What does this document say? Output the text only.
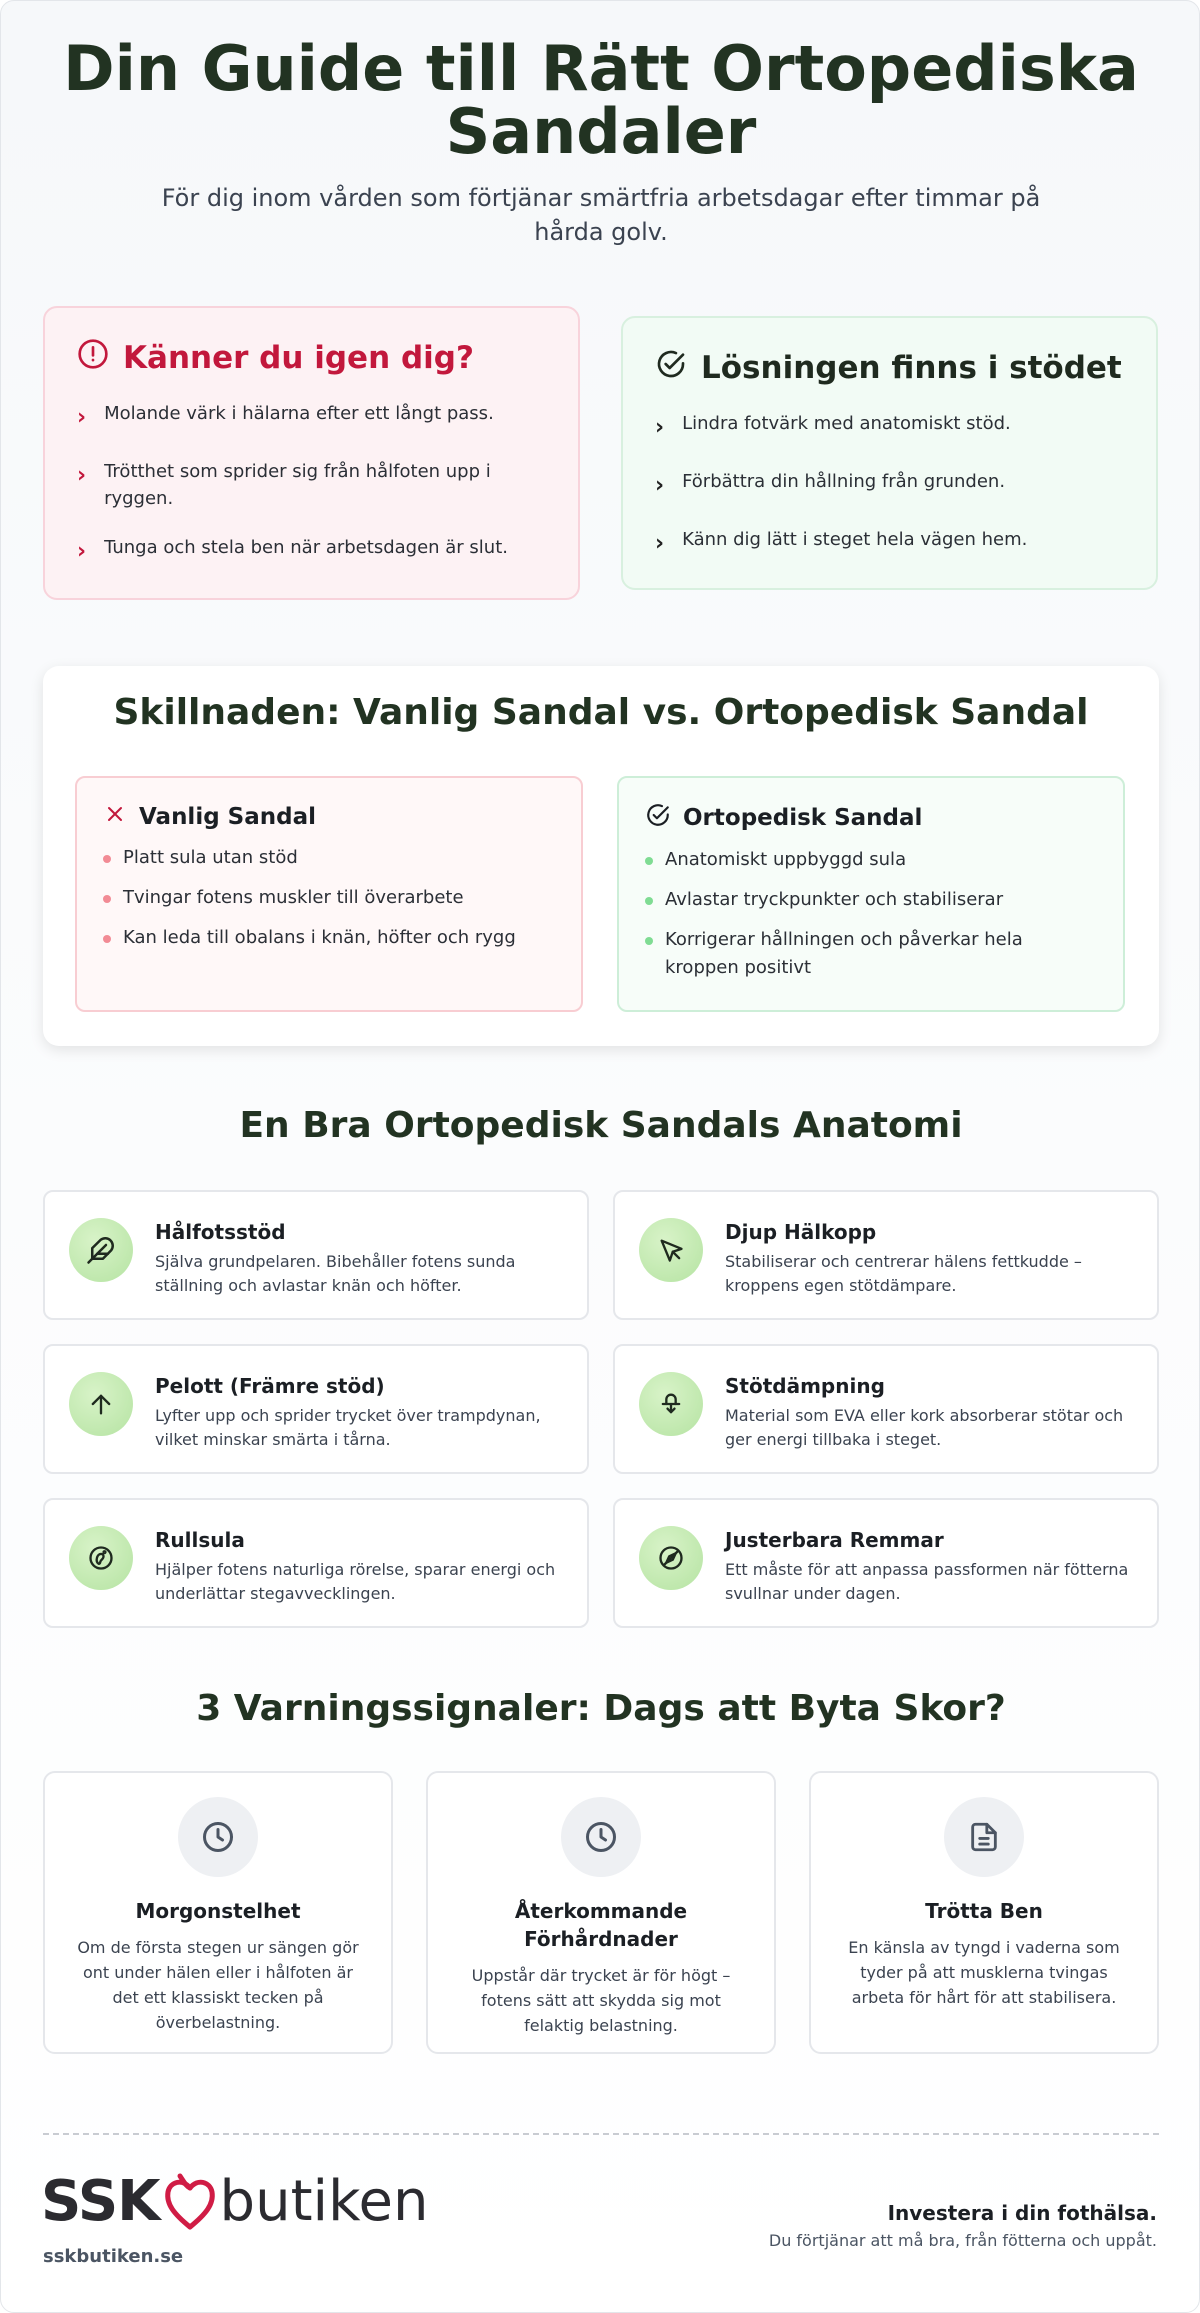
Din Guide till Rätt Ortopediska Sandaler

För dig inom vården som förtjänar smärtfria arbetsdagar efter timmar på hårda golv.

Känner du igen dig?
› Molande värk i hälarna efter ett långt pass.
› Trötthet som sprider sig från hålfoten upp i ryggen.
› Tunga och stela ben när arbetsdagen är slut.
Lösningen finns i stödet
› Lindra fotvärk med anatomiskt stöd.
› Förbättra din hållning från grunden.
› Känn dig lätt i steget hela vägen hem.
Skillnaden: Vanlig Sandal vs. Ortopedisk Sandal
Vanlig Sandal
Platt sula utan stöd
Tvingar fotens muskler till överarbete
Kan leda till obalans i knän, höfter och rygg
Ortopedisk Sandal
Anatomiskt uppbyggd sula
Avlastar tryckpunkter och stabiliserar
Korrigerar hållningen och påverkar hela kroppen positivt
En Bra Ortopedisk Sandals Anatomi
Hålfotsstöd

Själva grundpelaren. Bibehåller fotens sunda ställning och avlastar knän och höfter.

Djup Hälkopp

Stabiliserar och centrerar hälens fettkudde – kroppens egen stötdämpare.

Pelott (Främre stöd)

Lyfter upp och sprider trycket över trampdynan, vilket minskar smärta i tårna.

Stötdämpning

Material som EVA eller kork absorberar stötar och ger energi tillbaka i steget.

Rullsula

Hjälper fotens naturliga rörelse, sparar energi och underlättar stegavvecklingen.

Justerbara Remmar

Ett måste för att anpassa passformen när fötterna svullnar under dagen.

3 Varningssignaler: Dags att Byta Skor?
Morgonstelhet

Om de första stegen ur sängen gör ont under hälen eller i hålfoten är det ett klassiskt tecken på överbelastning.

Återkommande Förhårdnader

Uppstår där trycket är för högt – fotens sätt att skydda sig mot felaktig belastning.

Trötta Ben

En känsla av tyngd i vaderna som tyder på att musklerna tvingas arbeta för hårt för att stabilisera.

SSK butiken
sskbutiken.se
Investera i din fothälsa.
Du förtjänar att må bra, från fötterna och uppåt.
